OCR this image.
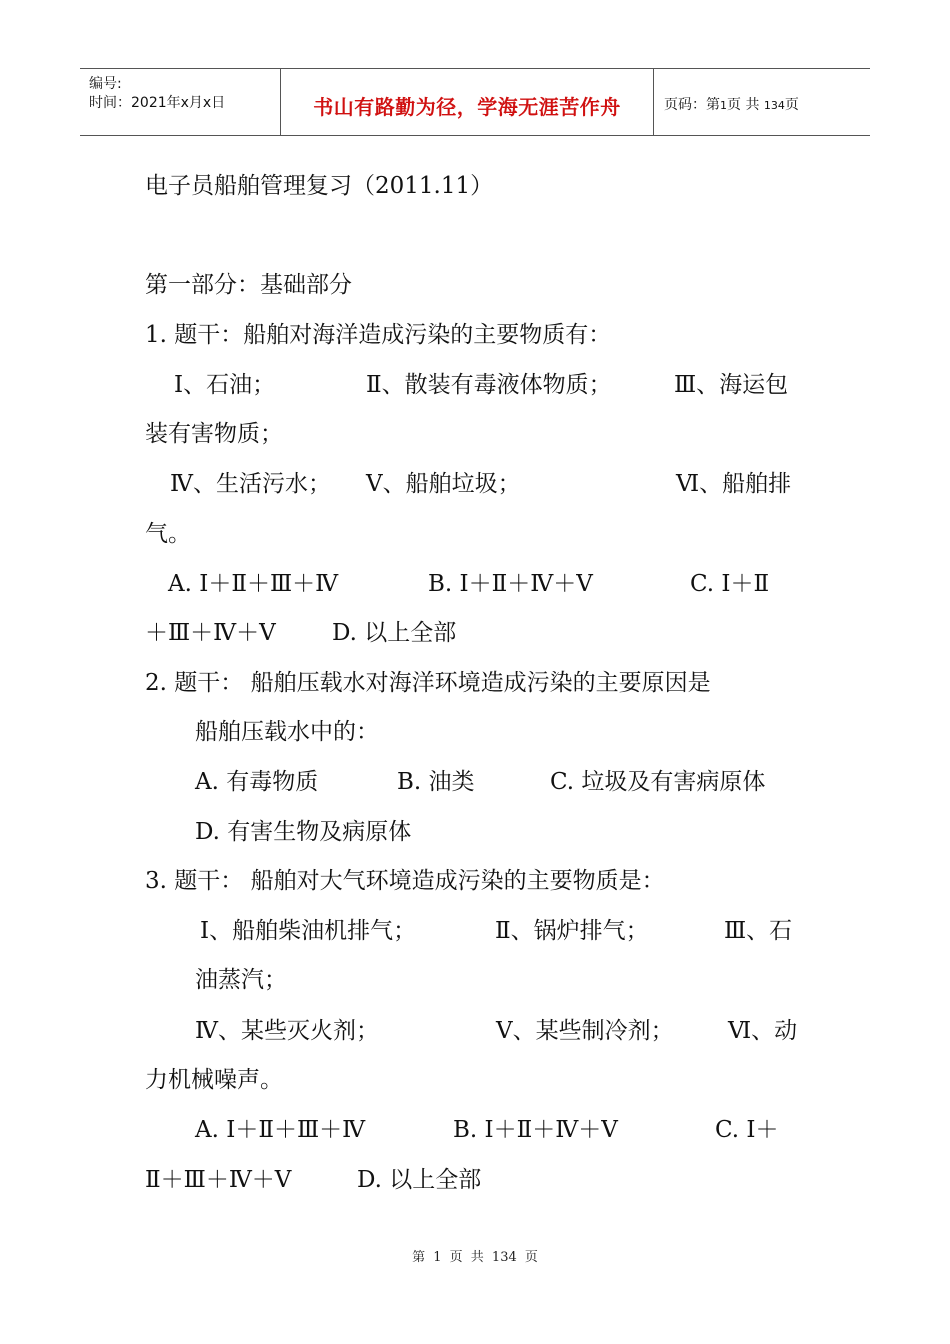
编号:
时间：2021年x月x日	书山有路勤为径，学海无涯苦作舟	页码：第1页 共 134页
电子员船舶管理复习（2011.11）
第一部分：基础部分
1. 题干：船舶对海洋造成污染的主要物质有：
Ⅰ、石油；	Ⅱ、散装有毒液体物质；	Ⅲ、海运包
装有害物质；
Ⅳ、生活污水； Ⅴ、船舶垃圾；	Ⅵ、船舶排
气。
A. Ⅰ＋Ⅱ＋Ⅲ＋Ⅳ	B. Ⅰ＋Ⅱ＋Ⅳ＋Ⅴ	C. Ⅰ＋Ⅱ
＋Ⅲ＋Ⅳ＋Ⅴ D. 以上全部
2. 题干： 船舶压载水对海洋环境造成污染的主要原因是
船舶压载水中的：
A. 有毒物质	B. 油类	C. 垃圾及有害病原体
D. 有害生物及病原体
3. 题干： 船舶对大气环境造成污染的主要物质是：
Ⅰ、船舶柴油机排气；	Ⅱ、锅炉排气；	Ⅲ、石
油蒸汽；
Ⅳ、某些灭火剂；	Ⅴ、某些制冷剂； Ⅵ、动
力机械噪声。
A. Ⅰ＋Ⅱ＋Ⅲ＋Ⅳ	B. Ⅰ＋Ⅱ＋Ⅳ＋Ⅴ	C. Ⅰ＋
Ⅱ＋Ⅲ＋Ⅳ＋Ⅴ	D. 以上全部
第 1 页 共 134 页
